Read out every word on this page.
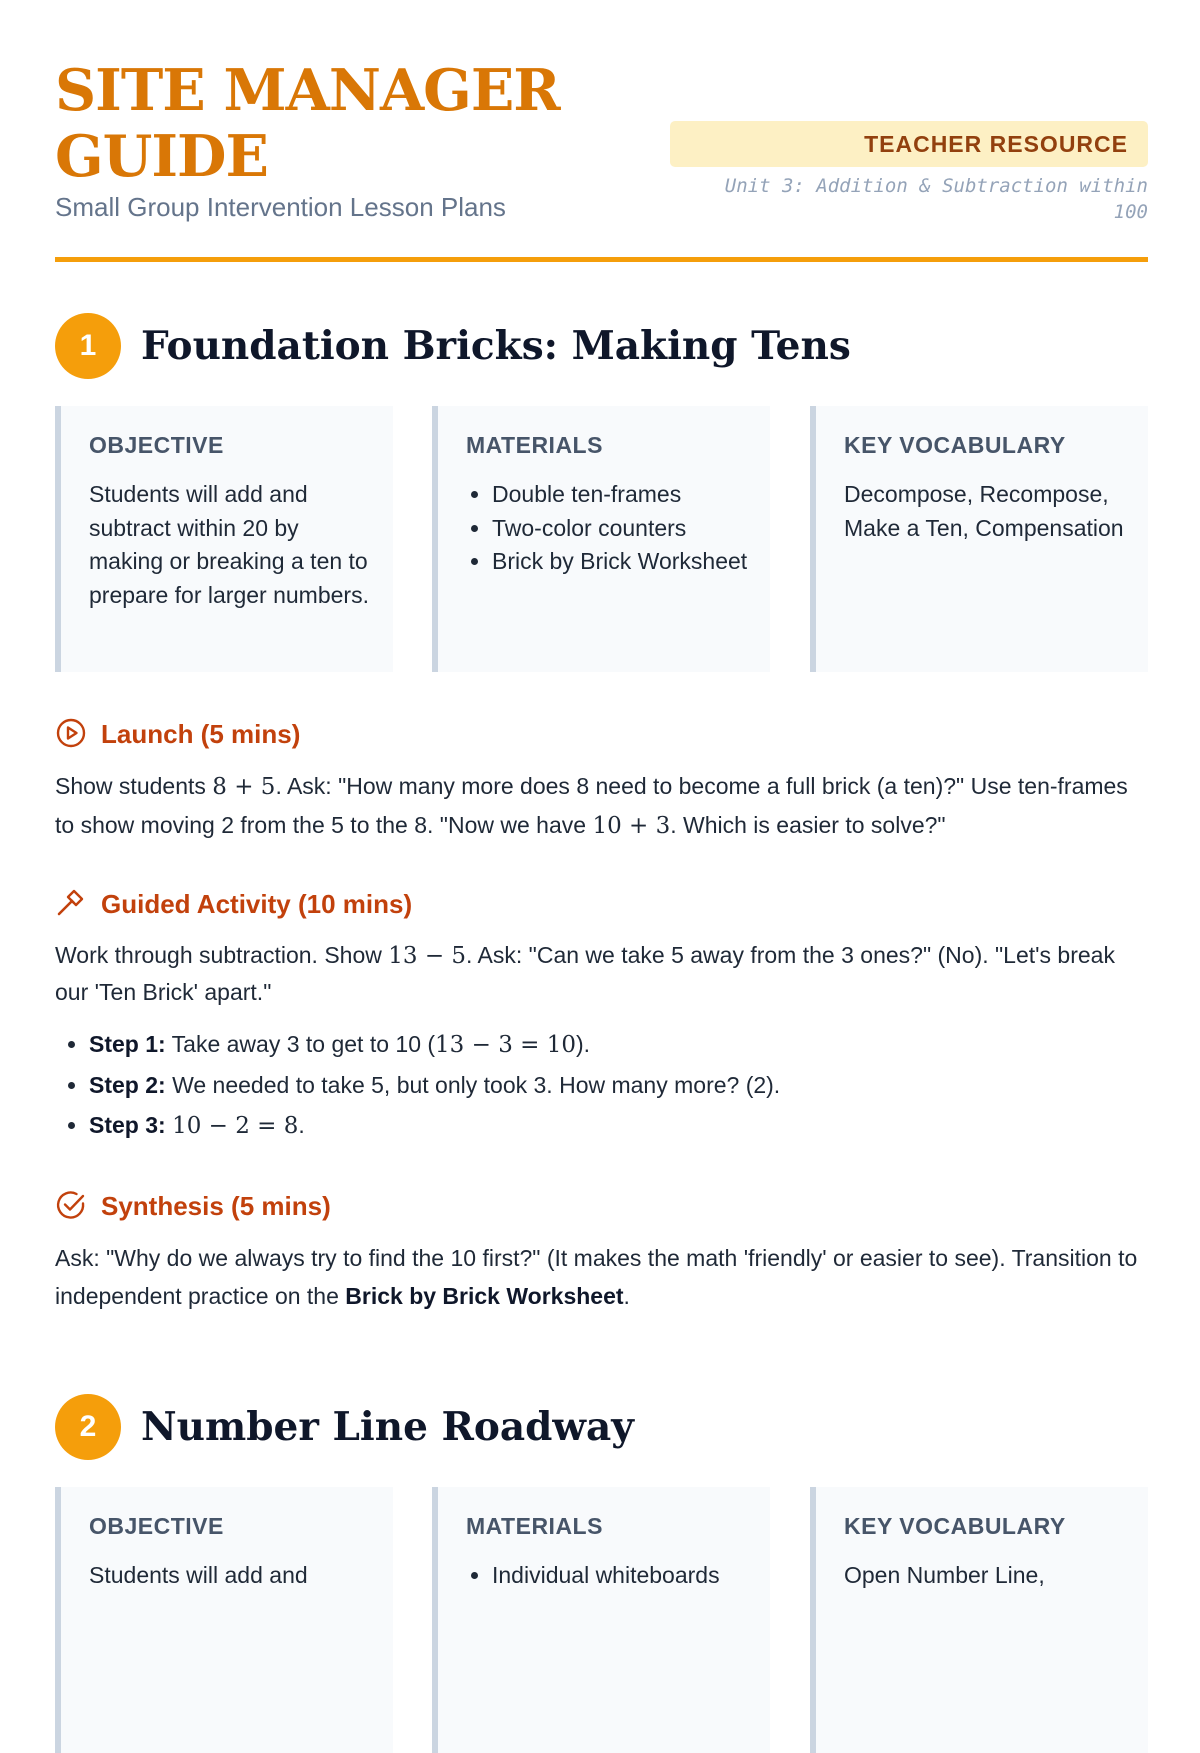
SITE MANAGER GUIDE
Small Group Intervention Lesson Plans
TEACHER RESOURCE
Unit 3: Addition & Subtraction within 100
1	Foundation Bricks: Making Tens
OBJECTIVE
Students will add and subtract within 20 by making or breaking a ten to prepare for larger numbers.
MATERIALS
• Double ten-frames
• Two-color counters
• Brick by Brick Worksheet
KEY VOCABULARY
Decompose, Recompose, Make a Ten, Compensation
Launch (5 mins)
Show students 8 + 5. Ask: "How many more does 8 need to become a full brick (a ten)?" Use ten-frames to show moving 2 from the 5 to the 8. "Now we have 10 + 3. Which is easier to solve?"
Guided Activity (10 mins)
Work through subtraction. Show 13 − 5. Ask: "Can we take 5 away from the 3 ones?" (No). "Let's break our 'Ten Brick' apart."
• Step 1: Take away 3 to get to 10 (13 − 3 = 10).
• Step 2: We needed to take 5, but only took 3. How many more? (2).
• Step 3: 10 − 2 = 8.
Synthesis (5 mins)
Ask: "Why do we always try to find the 10 first?" (It makes the math 'friendly' or easier to see). Transition to independent practice on the Brick by Brick Worksheet.
2	Number Line Roadway
OBJECTIVE
Students will add and
MATERIALS
• Individual whiteboards
KEY VOCABULARY
Open Number Line,
